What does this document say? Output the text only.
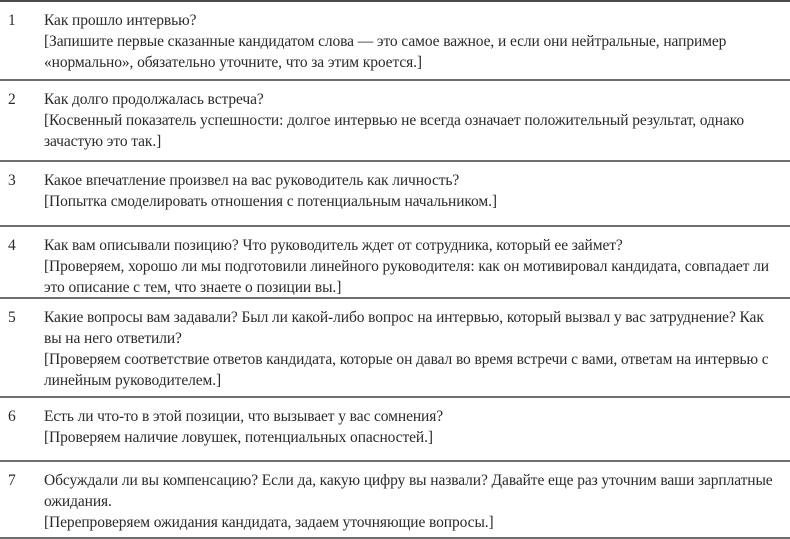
1	Как прошло интервью?
[Запишите первые сказанные кандидатом слова — это самое важное, и если они нейтральные, например «нормально», обязательно уточните, что за этим кроется.]
2	Как долго продолжалась встреча?
[Косвенный показатель успешности: долгое интервью не всегда означает положительный результат, однако зачастую это так.]
3	Какое впечатление произвел на вас руководитель как личность?
[Попытка смоделировать отношения с потенциальным начальником.]
4	Как вам описывали позицию? Что руководитель ждет от сотрудника, который ее займет?
[Проверяем, хорошо ли мы подготовили линейного руководителя: как он мотивировал кандидата, совпадает ли это описание с тем, что знаете о позиции вы.]
5	Какие вопросы вам задавали? Был ли какой-либо вопрос на интервью, который вызвал у вас затруднение? Как вы на него ответили?
[Проверяем соответствие ответов кандидата, которые он давал во время встречи с вами, ответам на интервью с линейным руководителем.]
6	Есть ли что-то в этой позиции, что вызывает у вас сомнения?
[Проверяем наличие ловушек, потенциальных опасностей.]
7	Обсуждали ли вы компенсацию? Если да, какую цифру вы назвали? Давайте еще раз уточним ваши зарплатные ожидания.
[Перепроверяем ожидания кандидата, задаем уточняющие вопросы.]
